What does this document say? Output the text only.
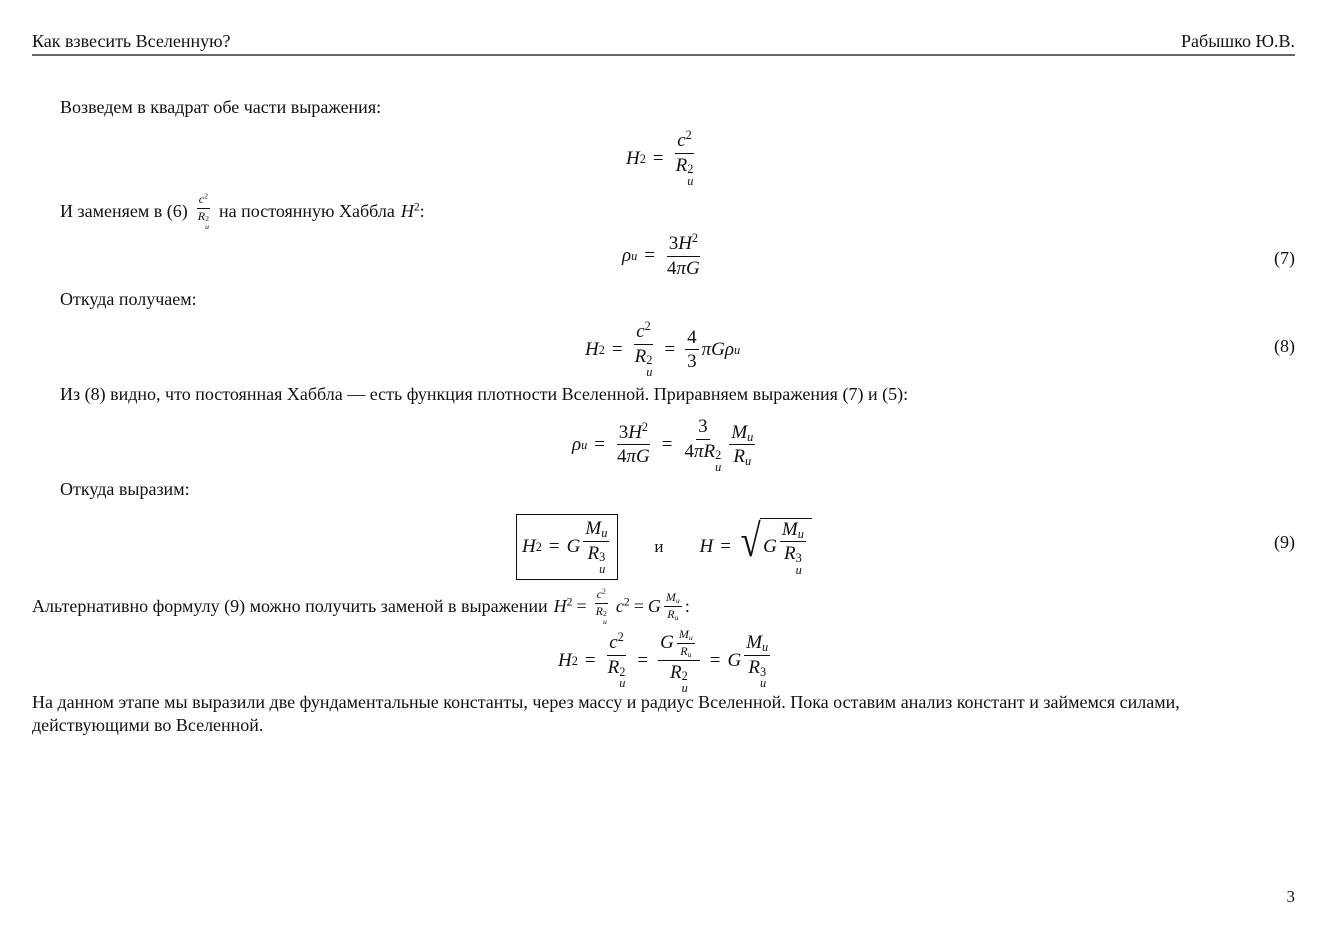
Как взвесить Вселенную?	Рабышко Ю.В.
Возведем в квадрат обе части выражения:
H $2 = c^2$
R 2
u
И заменяем в (6) $c^2$
R 2
u на постоянную Хаббла $H^2$ :
ρ $u = \frac{3H^2}{4\pi G}$	(7)
Откуда получаем:
H $2 = c^2$
R 2
$u = \frac{4}{3}$ π G ρ u	(8)
Из (8) видно, что постоянная Хаббла — есть функция плотности Вселенной. Приравняем выражения (7) и (5):
ρ $u = \frac{3H^2}{4\pi G} = 3$
4πR 2
u $\frac{M_u}{R_u}$
Откуда выразим:
H 2 = G $M_u$
R 3
u	и H = √ G $M_u$
R 3
u	(9)
Альтернативно формулу (9) можно получить заменой в выражении $H^2 = c^2$
R 2
u $c^2 = G \frac{M_u}{R_u}$ :
H $2 = c^2$
R 2
u = G $\frac{M_u}{R_u}$
R 2
u = G $M_u$
R 3
u
На данном этапе мы выразили две фундаментальные константы, через массу и радиус Вселенной. Пока оставим анализ констант и займемся силами,
действующими во Вселенной.
3
